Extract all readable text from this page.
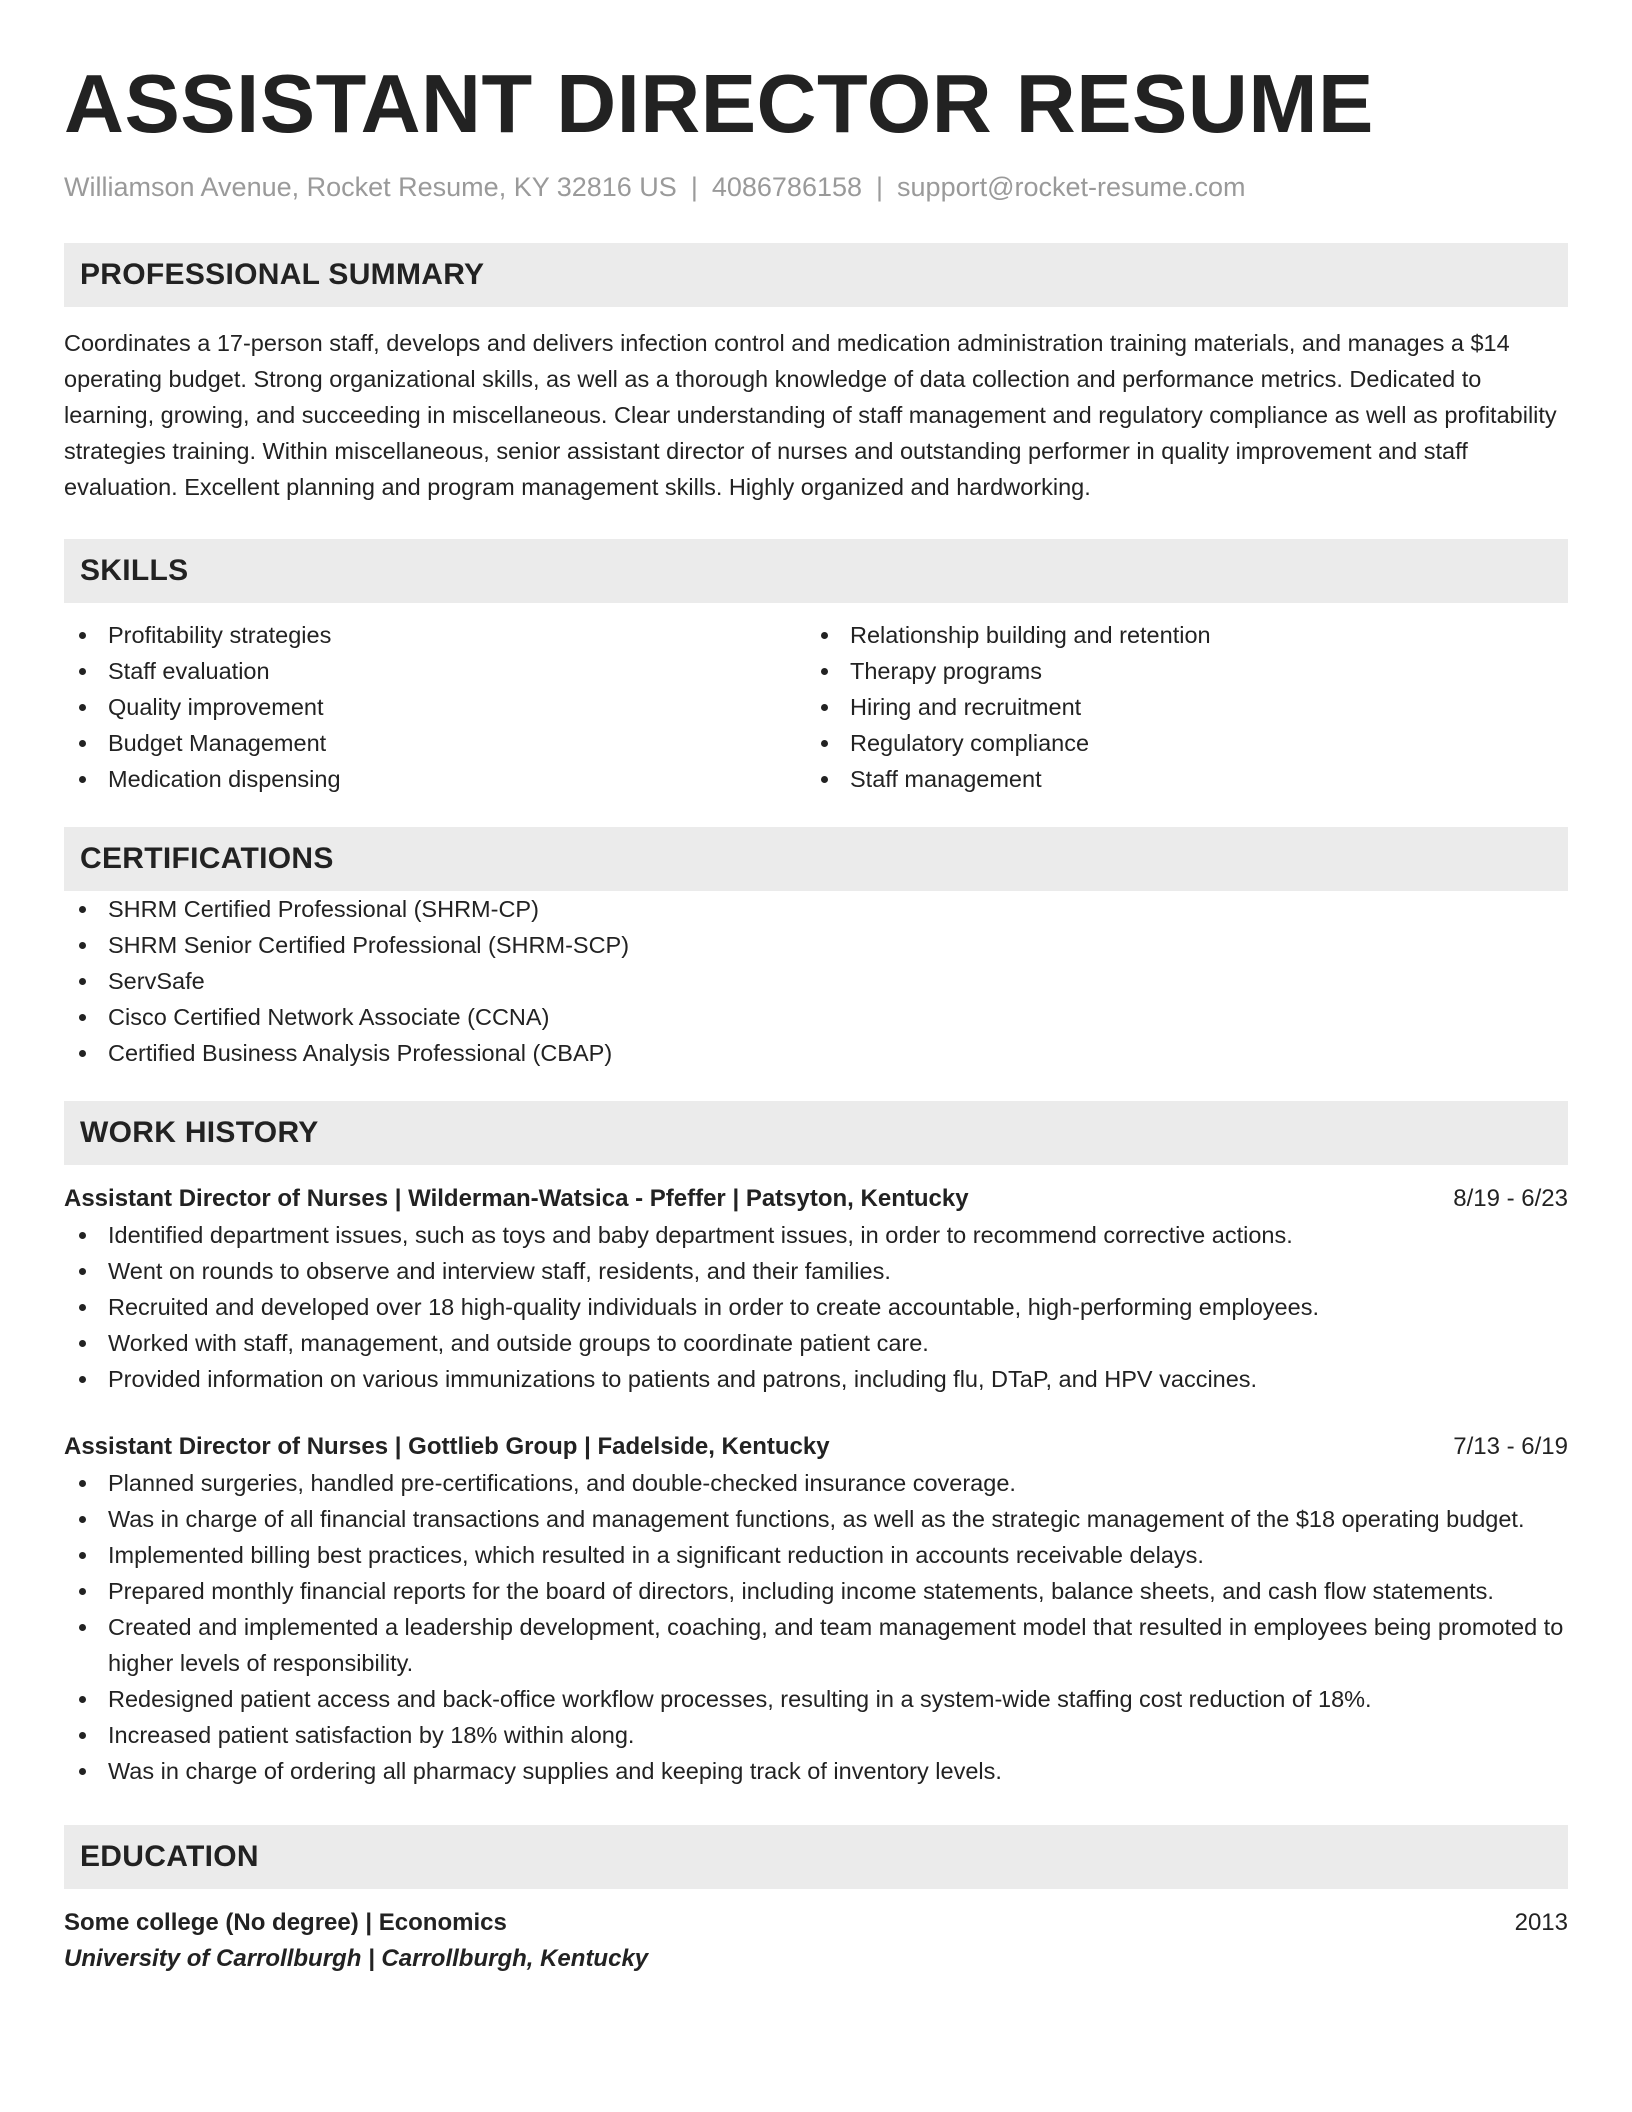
ASSISTANT DIRECTOR RESUME
Williamson Avenue, Rocket Resume, KY 32816 US | 4086786158 | support@rocket-resume.com
PROFESSIONAL SUMMARY

Coordinates a 17-person staff, develops and delivers infection control and medication administration training materials, and manages a $14 operating budget. Strong organizational skills, as well as a thorough knowledge of data collection and performance metrics. Dedicated to learning, growing, and succeeding in miscellaneous. Clear understanding of staff management and regulatory compliance as well as profitability strategies training. Within miscellaneous, senior assistant director of nurses and outstanding performer in quality improvement and staff evaluation. Excellent planning and program management skills. Highly organized and hardworking.

SKILLS
Profitability strategies
Staff evaluation
Quality improvement
Budget Management
Medication dispensing
Relationship building and retention
Therapy programs
Hiring and recruitment
Regulatory compliance
Staff management
CERTIFICATIONS
SHRM Certified Professional (SHRM-CP)
SHRM Senior Certified Professional (SHRM-SCP)
ServSafe
Cisco Certified Network Associate (CCNA)
Certified Business Analysis Professional (CBAP)
WORK HISTORY
Assistant Director of Nurses | Wilderman-Watsica - Pfeffer | Patsyton, Kentucky	8/19 - 6/23
Identified department issues, such as toys and baby department issues, in order to recommend corrective actions.
Went on rounds to observe and interview staff, residents, and their families.
Recruited and developed over 18 high-quality individuals in order to create accountable, high-performing employees.
Worked with staff, management, and outside groups to coordinate patient care.
Provided information on various immunizations to patients and patrons, including flu, DTaP, and HPV vaccines.
Assistant Director of Nurses | Gottlieb Group | Fadelside, Kentucky	7/13 - 6/19
Planned surgeries, handled pre-certifications, and double-checked insurance coverage.
Was in charge of all financial transactions and management functions, as well as the strategic management of the $18 operating budget.
Implemented billing best practices, which resulted in a significant reduction in accounts receivable delays.
Prepared monthly financial reports for the board of directors, including income statements, balance sheets, and cash flow statements.
Created and implemented a leadership development, coaching, and team management model that resulted in employees being promoted to higher levels of responsibility.
Redesigned patient access and back-office workflow processes, resulting in a system-wide staffing cost reduction of 18%.
Increased patient satisfaction by 18% within along.
Was in charge of ordering all pharmacy supplies and keeping track of inventory levels.
EDUCATION
Some college (No degree) | Economics	2013
University of Carrollburgh | Carrollburgh, Kentucky
